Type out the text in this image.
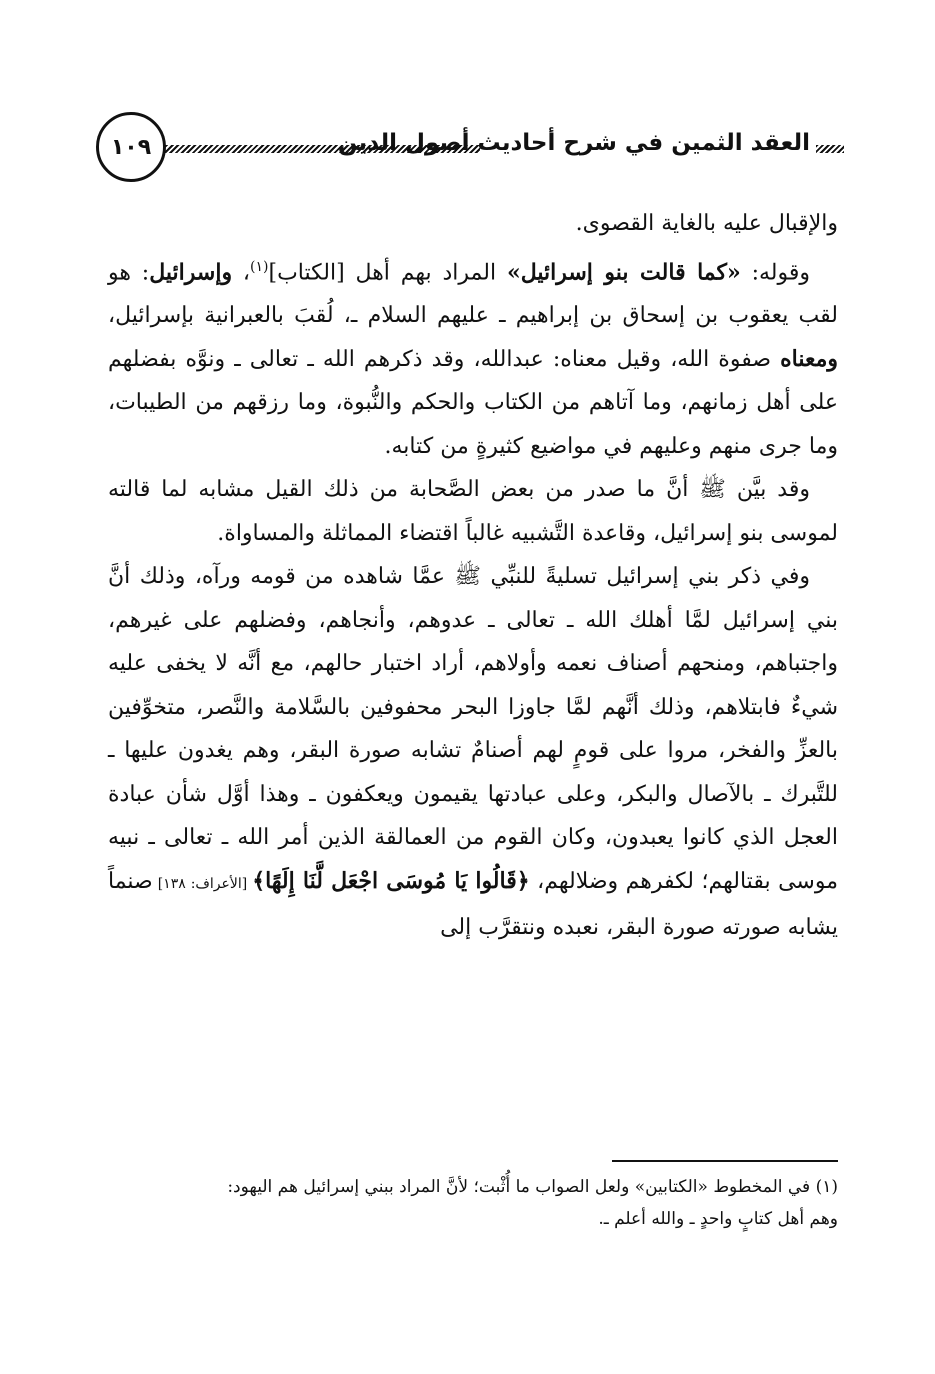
١٠٩	العقد الثمين في شرح أحاديث أصول الدين

والإقبال عليه بالغاية القصوى.

وقوله: «كما قالت بنو إسرائيل» المراد بهم أهل [الكتاب]$^{(١)}$، وإسرائيل: هو لقب يعقوب بن إسحاق بن إبراهيم ـ عليهم السلام ـ، لُقبَ بالعبرانية بإسرائيل، ومعناه صفوة الله، وقيل معناه: عبدالله، وقد ذكرهم الله ـ تعالى ـ ونوَّه بفضلهم على أهل زمانهم، وما آتاهم من الكتاب والحكم والنُّبوة، وما رزقهم من الطيبات، وما جرى منهم وعليهم في مواضيع كثيرةٍ من كتابه.

وقد بيَّن ﷺ أنَّ ما صدر من بعض الصَّحابة من ذلك القيل مشابه لما قالته لموسى بنو إسرائيل، وقاعدة التَّشبيه غالباً اقتضاء المماثلة والمساواة.

وفي ذكر بني إسرائيل تسليةً للنبِّي ﷺ عمَّا شاهده من قومه ورآه، وذلك أنَّ بني إسرائيل لمَّا أهلك الله ـ تعالى ـ عدوهم، وأنجاهم، وفضلهم على غيرهم، واجتباهم، ومنحهم أصناف نعمه وأولاهم، أراد اختبار حالهم، مع أنَّه لا يخفى عليه شيءٌ فابتلاهم، وذلك أنَّهم لمَّا جاوزا البحر محفوفين بالسَّلامة والنَّصر، متخوِّفين بالعزِّ والفخر، مروا على قومٍ لهم أصنامٌ تشابه صورة البقر، وهم يغدون عليها ـ للتَّبرك ـ بالآصال والبكر، وعلى عبادتها يقيمون ويعكفون ـ وهذا أوَّل شأن عبادة العجل الذي كانوا يعبدون، وكان القوم من العمالقة الذين أمر الله ـ تعالى ـ نبيه موسى بقتالهم؛ لكفرهم وضلالهم، ﴿قَالُوا يَا مُوسَى اجْعَل لَّنَا إِلَهًا﴾ [الأعراف: ١٣٨] صنماً يشابه صورته صورة البقر، نعبده ونتقرَّب إلى

(١) في المخطوط «الكتابين» ولعل الصواب ما أُثْبت؛ لأنَّ المراد ببني إسرائيل هم اليهود:

وهم أهل كتابٍ واحدٍ ـ والله أعلم ـ.
